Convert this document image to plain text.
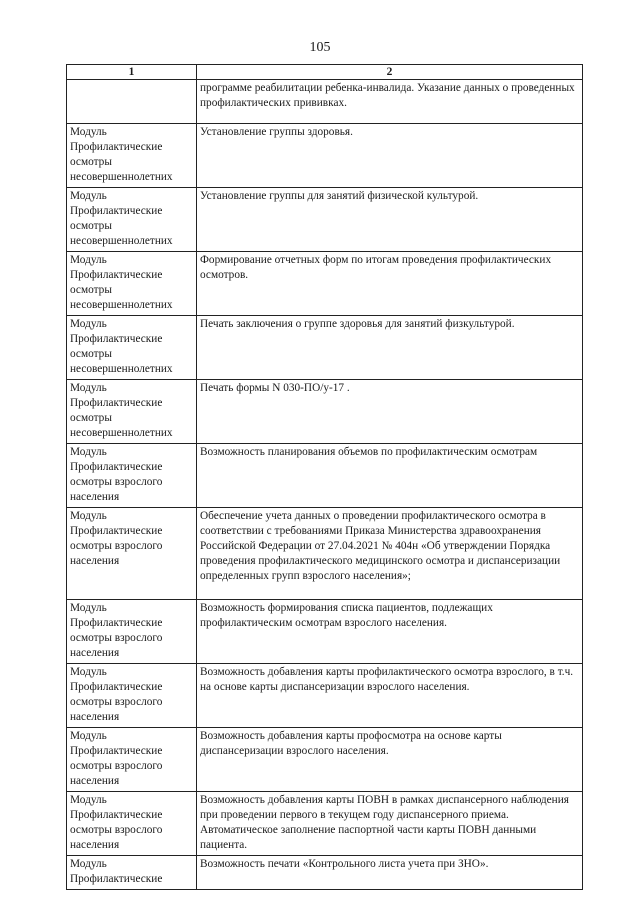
105
1	2
	программе реабилитации ребенка-инвалида. Указание данных о проведенных профилактических прививках.
Модуль Профилактические осмотры несовершеннолетних	Установление группы здоровья.
Модуль Профилактические осмотры несовершеннолетних	Установление группы для занятий физической культурой.
Модуль Профилактические осмотры несовершеннолетних	Формирование отчетных форм по итогам проведения профилактических осмотров.
Модуль Профилактические осмотры несовершеннолетних	Печать заключения о группе здоровья для занятий физкультурой.
Модуль Профилактические осмотры несовершеннолетних	Печать формы N 030-ПО/у-17 .
Модуль Профилактические осмотры взрослого населения	Возможность планирования объемов по профилактическим осмотрам
Модуль Профилактические осмотры взрослого населения	Обеспечение учета данных о проведении профилактического осмотра в соответствии с требованиями Приказа Министерства здравоохранения Российской Федерации от 27.04.2021 № 404н «Об утверждении Порядка проведения профилактического медицинского осмотра и диспансеризации определенных групп взрослого населения»;
Модуль Профилактические осмотры взрослого населения	Возможность формирования списка пациентов, подлежащих профилактическим осмотрам взрослого населения.
Модуль Профилактические осмотры взрослого населения	Возможность добавления карты профилактического осмотра взрослого, в т.ч. на основе карты диспансеризации взрослого населения.
Модуль Профилактические осмотры взрослого населения	Возможность добавления карты профосмотра на основе карты диспансеризации взрослого населения.
Модуль Профилактические осмотры взрослого населения	Возможность добавления карты ПОВН в рамках диспансерного наблюдения при проведении первого в текущем году диспансерного приема. Автоматическое заполнение паспортной части карты ПОВН данными пациента.
Модуль Профилактические	Возможность печати «Контрольного листа учета при ЗНО».
